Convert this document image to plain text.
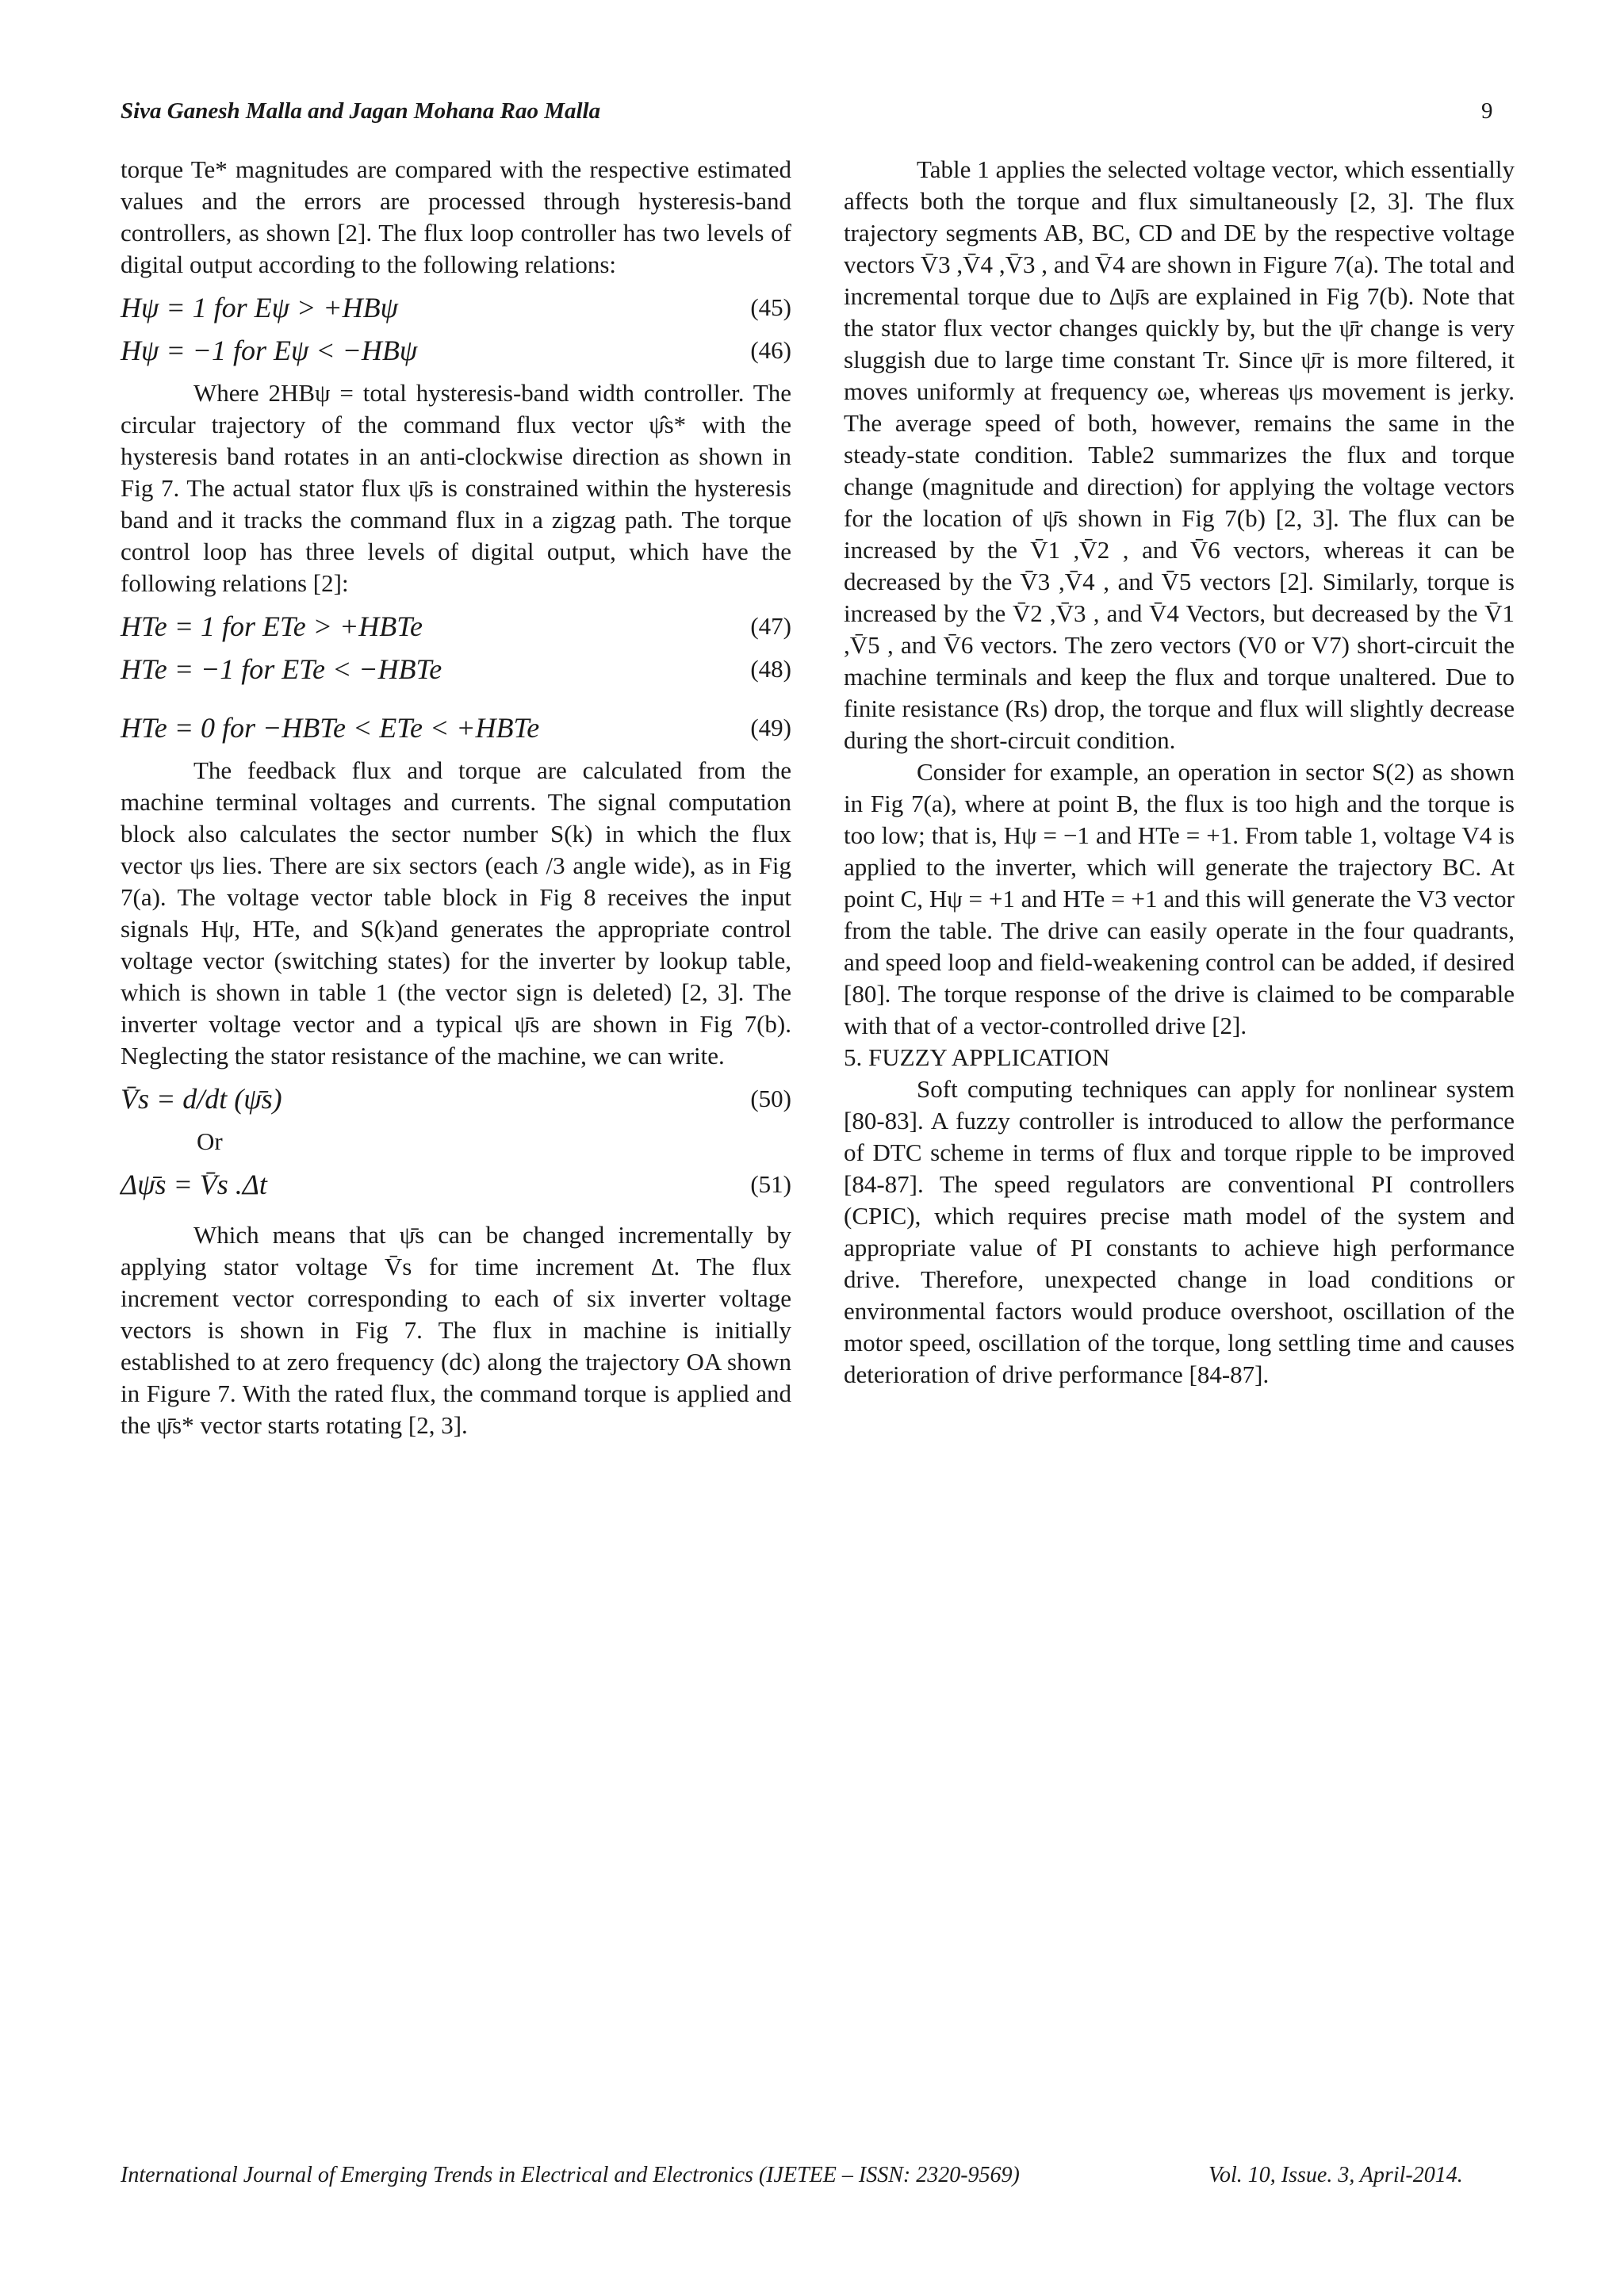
Siva Ganesh Malla and Jagan Mohana Rao Malla	9

torque Te* magnitudes are compared with the respective estimated values and the errors are processed through hysteresis-band controllers, as shown [2]. The flux loop controller has two levels of digital output according to the following relations:

Hψ = 1 for Eψ > +HBψ	(45)
Hψ = −1 for Eψ < −HBψ	(46)

Where 2HBψ = total hysteresis-band width controller. The circular trajectory of the command flux vector ψ̂s* with the hysteresis band rotates in an anti-clockwise direction as shown in Fig 7. The actual stator flux ψ̄s is constrained within the hysteresis band and it tracks the command flux in a zigzag path. The torque control loop has three levels of digital output, which have the following relations [2]:

HTe = 1 for ETe > +HBTe	(47)
HTe = −1 for ETe < −HBTe	(48)
HTe = 0 for −HBTe < ETe < +HBTe	(49)

The feedback flux and torque are calculated from the machine terminal voltages and currents. The signal computation block also calculates the sector number S(k) in which the flux vector ψs lies. There are six sectors (each /3 angle wide), as in Fig 7(a). The voltage vector table block in Fig 8 receives the input signals Hψ, HTe, and S(k)and generates the appropriate control voltage vector (switching states) for the inverter by lookup table, which is shown in table 1 (the vector sign is deleted) [2, 3]. The inverter voltage vector and a typical ψ̄s are shown in Fig 7(b). Neglecting the stator resistance of the machine, we can write.

V̄s = d/dt (ψ̄s)	(50)

Or

Δψ̄s = V̄s .Δt	(51)

Which means that ψ̄s can be changed incrementally by applying stator voltage V̄s for time increment Δt. The flux increment vector corresponding to each of six inverter voltage vectors is shown in Fig 7. The flux in machine is initially established to at zero frequency (dc) along the trajectory OA shown in Figure 7. With the rated flux, the command torque is applied and the ψ̄s* vector starts rotating [2, 3].

Table 1 applies the selected voltage vector, which essentially affects both the torque and flux simultaneously [2, 3]. The flux trajectory segments AB, BC, CD and DE by the respective voltage vectors V̄3 ,V̄4 ,V̄3 , and V̄4 are shown in Figure 7(a). The total and incremental torque due to Δψ̄s are explained in Fig 7(b). Note that the stator flux vector changes quickly by, but the ψ̄r change is very sluggish due to large time constant Tr. Since ψ̄r is more filtered, it moves uniformly at frequency ωe, whereas ψs movement is jerky. The average speed of both, however, remains the same in the steady-state condition. Table2 summarizes the flux and torque change (magnitude and direction) for applying the voltage vectors for the location of ψ̄s shown in Fig 7(b) [2, 3]. The flux can be increased by the V̄1 ,V̄2 , and V̄6 vectors, whereas it can be decreased by the V̄3 ,V̄4 , and V̄5 vectors [2]. Similarly, torque is increased by the V̄2 ,V̄3 , and V̄4 Vectors, but decreased by the V̄1 ,V̄5 , and V̄6 vectors. The zero vectors (V0 or V7) short-circuit the machine terminals and keep the flux and torque unaltered. Due to finite resistance (Rs) drop, the torque and flux will slightly decrease during the short-circuit condition.

Consider for example, an operation in sector S(2) as shown in Fig 7(a), where at point B, the flux is too high and the torque is too low; that is, Hψ = −1 and HTe = +1. From table 1, voltage V4 is applied to the inverter, which will generate the trajectory BC. At point C, Hψ = +1 and HTe = +1 and this will generate the V3 vector from the table. The drive can easily operate in the four quadrants, and speed loop and field-weakening control can be added, if desired [80]. The torque response of the drive is claimed to be comparable with that of a vector-controlled drive [2].

5. FUZZY APPLICATION

Soft computing techniques can apply for nonlinear system [80-83]. A fuzzy controller is introduced to allow the performance of DTC scheme in terms of flux and torque ripple to be improved [84-87]. The speed regulators are conventional PI controllers (CPIC), which requires precise math model of the system and appropriate value of PI constants to achieve high performance drive. Therefore, unexpected change in load conditions or environmental factors would produce overshoot, oscillation of the motor speed, oscillation of the torque, long settling time and causes deterioration of drive performance [84-87].

International Journal of Emerging Trends in Electrical and Electronics (IJETEE – ISSN: 2320-9569)	Vol. 10, Issue. 3, April-2014.
